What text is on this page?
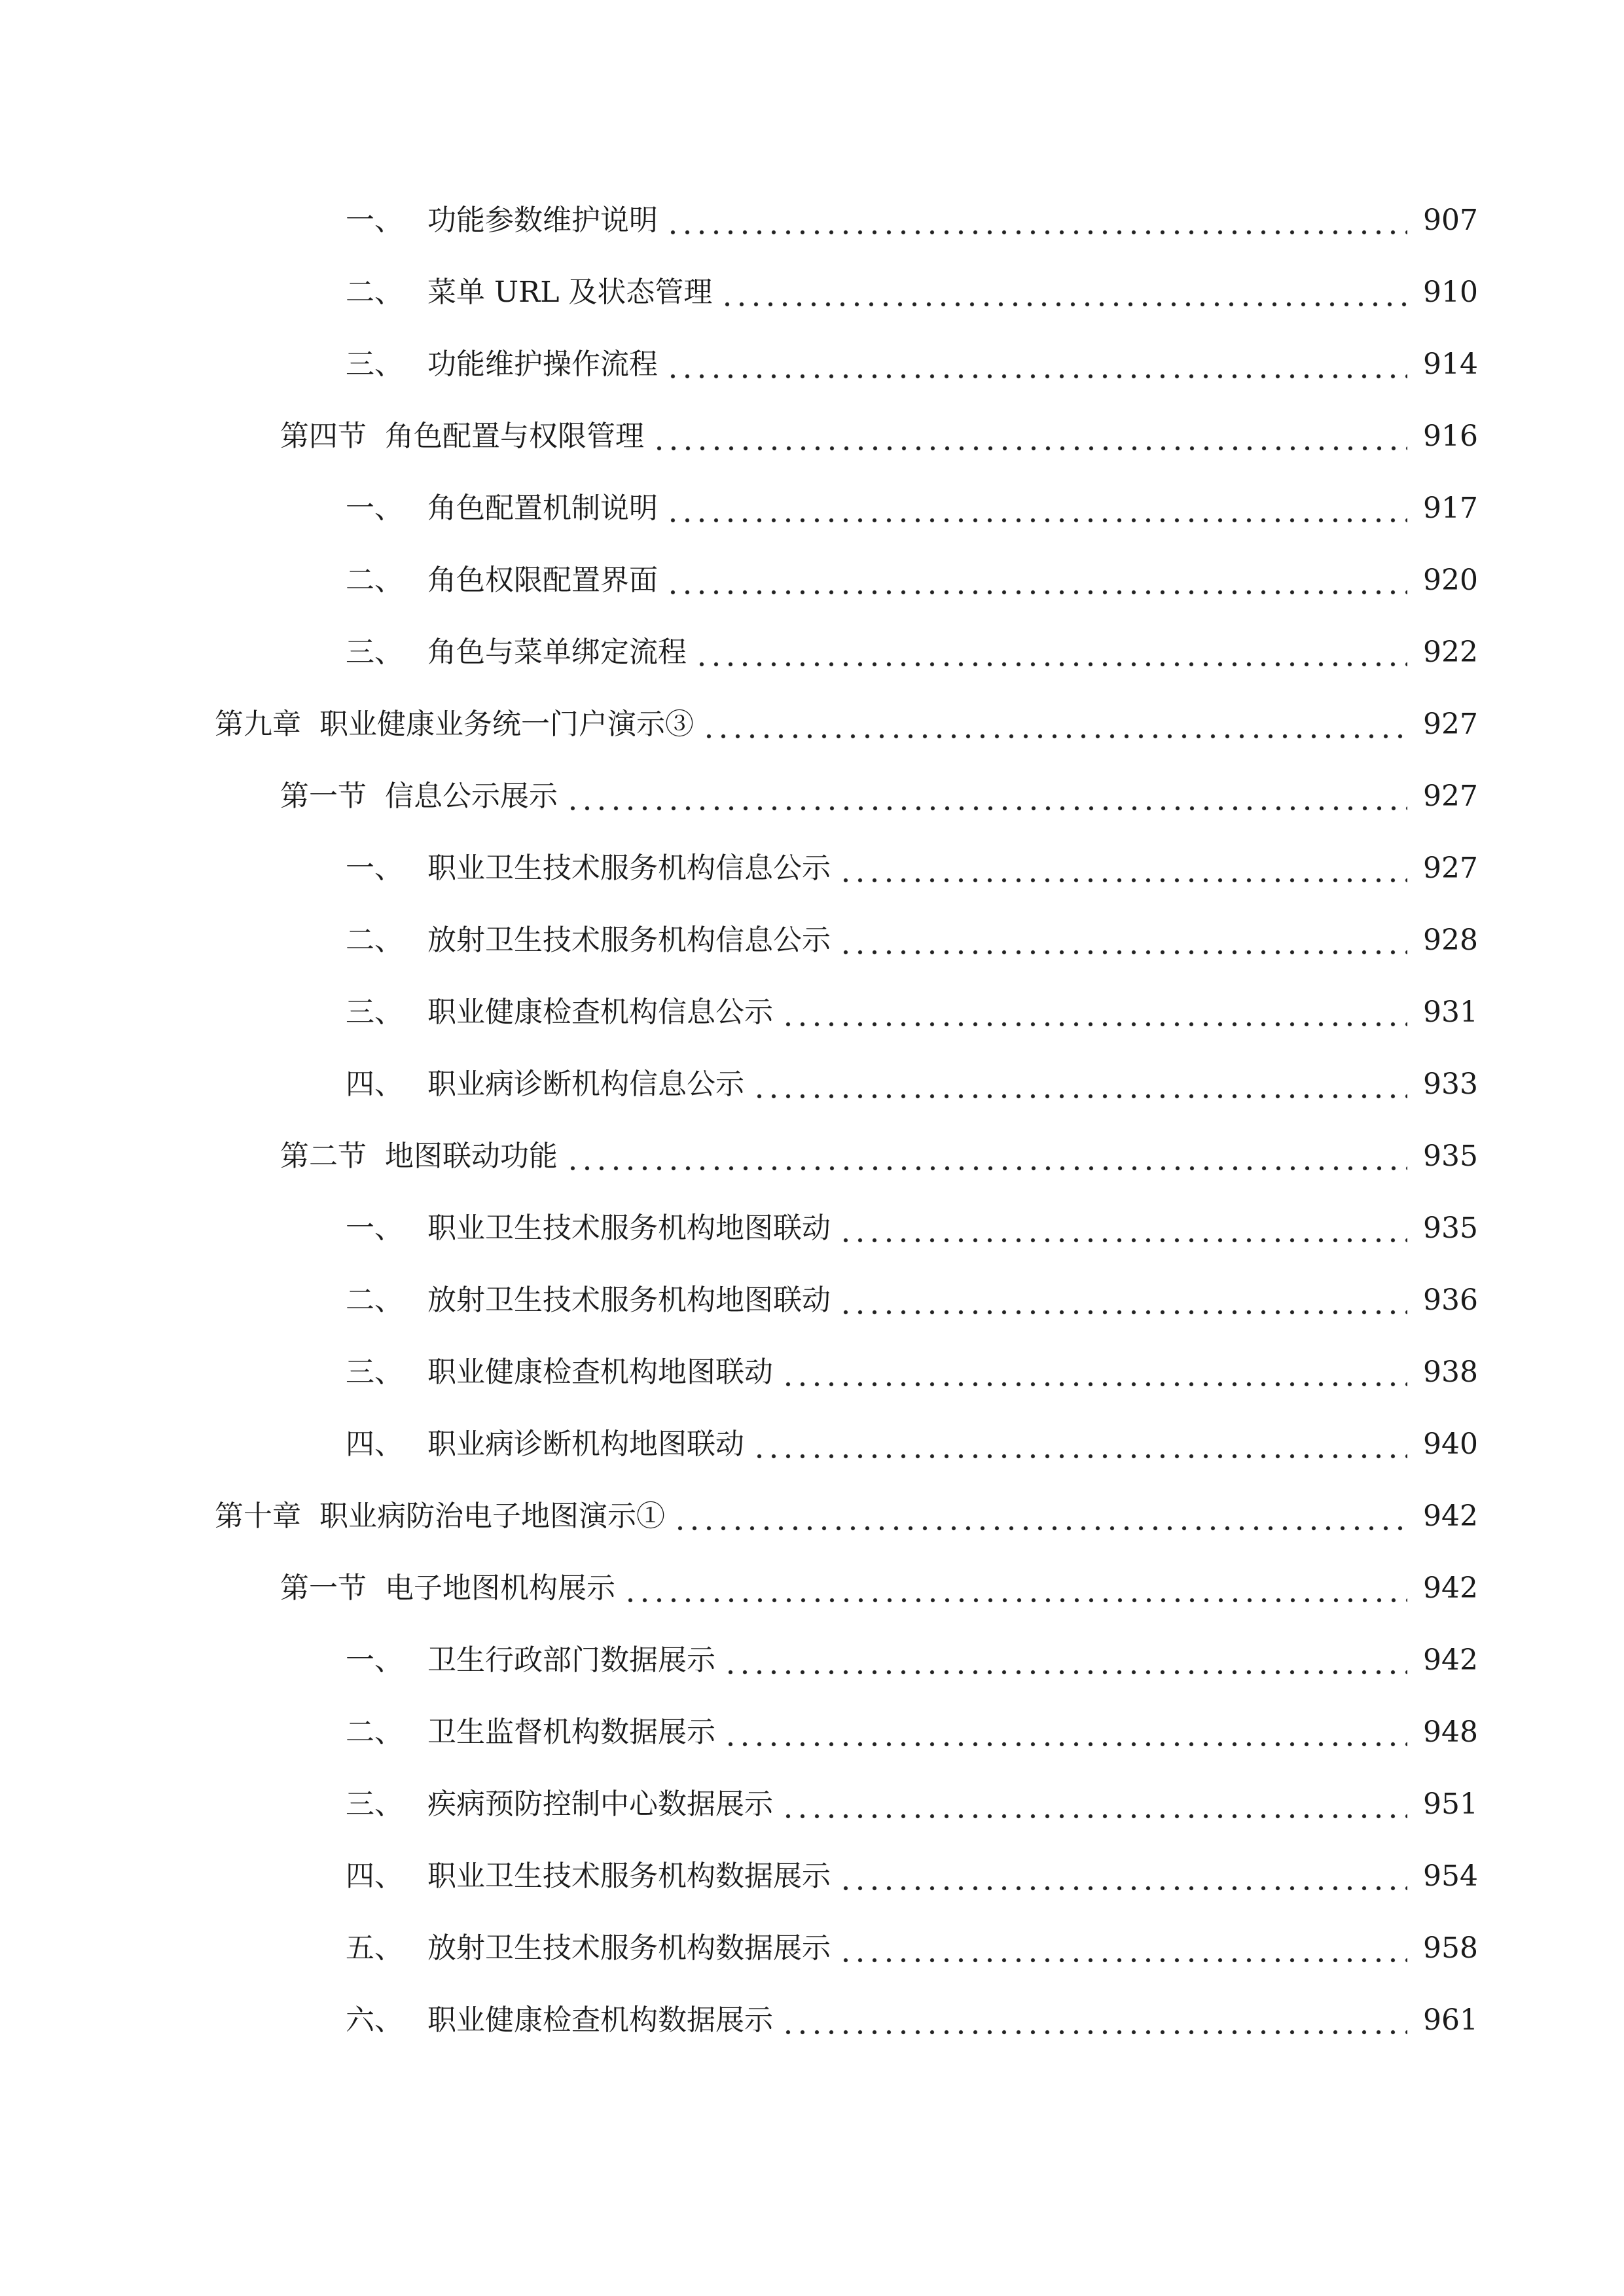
一、 功能参数维护说明	907
二、 菜单 URL 及状态管理	910
三、 功能维护操作流程	914
第四节 角色配置与权限管理	916
一、 角色配置机制说明	917
二、 角色权限配置界面	920
三、 角色与菜单绑定流程	922
第九章 职业健康业务统一门户演示③	927
第一节 信息公示展示	927
一、 职业卫生技术服务机构信息公示	927
二、 放射卫生技术服务机构信息公示	928
三、 职业健康检查机构信息公示	931
四、 职业病诊断机构信息公示	933
第二节 地图联动功能	935
一、 职业卫生技术服务机构地图联动	935
二、 放射卫生技术服务机构地图联动	936
三、 职业健康检查机构地图联动	938
四、 职业病诊断机构地图联动	940
第十章 职业病防治电子地图演示①	942
第一节 电子地图机构展示	942
一、 卫生行政部门数据展示	942
二、 卫生监督机构数据展示	948
三、 疾病预防控制中心数据展示	951
四、 职业卫生技术服务机构数据展示	954
五、 放射卫生技术服务机构数据展示	958
六、 职业健康检查机构数据展示	961
